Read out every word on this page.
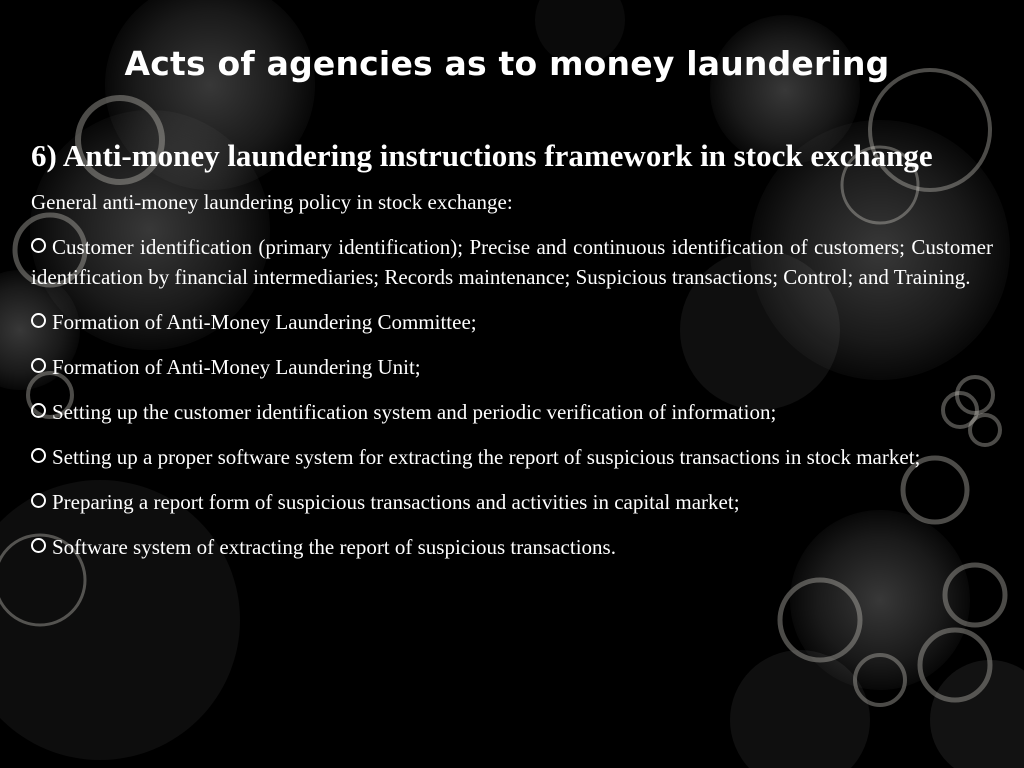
Acts of agencies as to money laundering
6) Anti-money laundering instructions framework in stock exchange
General anti-money laundering policy in stock exchange:
Customer identification (primary identification); Precise and continuous identification of customers; Customer identification by financial intermediaries; Records maintenance; Suspicious transactions; Control; and Training.
Formation of Anti-Money Laundering Committee;
Formation of Anti-Money Laundering Unit;
Setting up the customer identification system and periodic verification of information;
Setting up a proper software system for extracting the report of suspicious transactions in stock market;
Preparing a report form of suspicious transactions and activities in capital market;
Software system of extracting the report of suspicious transactions.
